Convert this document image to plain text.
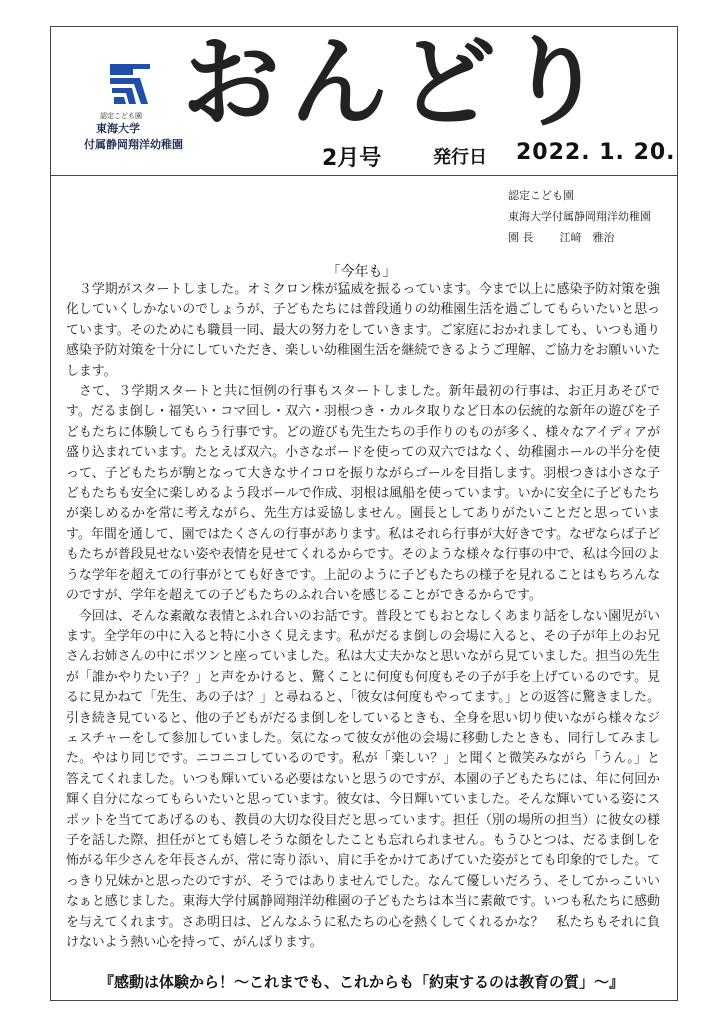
認定こども園
東海大学
付属静岡翔洋幼稚園
おんどり
2月号	発行日 2022. 1. 20.
認定こども園
東海大学付属静岡翔洋幼稚園
園 長 江﨑　雅治
「今年も」

３学期がスタートしました。オミクロン株が猛威を振るっています。今まで以上に感染予防対策を強化していくしかないのでしょうが、子どもたちには普段通りの幼稚園生活を過ごしてもらいたいと思っています。そのためにも職員一同、最大の努力をしていきます。ご家庭におかれましても、いつも通り感染予防対策を十分にしていただき、楽しい幼稚園生活を継続できるようご理解、ご協力をお願いいたします。

さて、３学期スタートと共に恒例の行事もスタートしました。新年最初の行事は、お正月あそびです。だるま倒し・福笑い・コマ回し・双六・羽根つき・カルタ取りなど日本の伝統的な新年の遊びを子どもたちに体験してもらう行事です。どの遊びも先生たちの手作りのものが多く、様々なアイディアが盛り込まれています。たとえば双六。小さなボードを使っての双六ではなく、幼稚園ホールの半分を使って、子どもたちが駒となって大きなサイコロを振りながらゴールを目指します。羽根つきは小さな子どもたちも安全に楽しめるよう段ボールで作成、羽根は風船を使っています。いかに安全に子どもたちが楽しめるかを常に考えながら、先生方は妥協しません。園長としてありがたいことだと思っています。年間を通して、園ではたくさんの行事があります。私はそれら行事が大好きです。なぜならば子どもたちが普段見せない姿や表情を見せてくれるからです。そのような様々な行事の中で、私は今回のような学年を超えての行事がとても好きです。上記のように子どもたちの様子を見れることはもちろんなのですが、学年を超えての子どもたちのふれ合いを感じることができるからです。

今回は、そんな素敵な表情とふれ合いのお話です。普段とてもおとなしくあまり話をしない園児がいます。全学年の中に入ると特に小さく見えます。私がだるま倒しの会場に入ると、その子が年上のお兄さんお姉さんの中にポツンと座っていました。私は大丈夫かなと思いながら見ていました。担当の先生が「誰かやりたい子？」と声をかけると、驚くことに何度も何度もその子が手を上げているのです。見るに見かねて「先生、あの子は？」と尋ねると、「彼女は何度もやってます。」との返答に驚きました。引き続き見ていると、他の子どもがだるま倒しをしているときも、全身を思い切り使いながら様々なジェスチャーをして参加していました。気になって彼女が他の会場に移動したときも、同行してみました。やはり同じです。ニコニコしているのです。私が「楽しい？」と聞くと微笑みながら「うん。」と答えてくれました。いつも輝いている必要はないと思うのですが、本園の子どもたちには、年に何回か輝く自分になってもらいたいと思っています。彼女は、今日輝いていました。そんな輝いている姿にスポットを当ててあげるのも、教員の大切な役目だと思っています。担任（別の場所の担当）に彼女の様子を話した際、担任がとても嬉しそうな顔をしたことも忘れられません。もうひとつは、だるま倒しを怖がる年少さんを年長さんが、常に寄り添い、肩に手をかけてあげていた姿がとても印象的でした。てっきり兄妹かと思ったのですが、そうではありませんでした。なんて優しいだろう、そしてかっこいいなぁと感じました。東海大学付属静岡翔洋幼稚園の子どもたちは本当に素敵です。いつも私たちに感動を与えてくれます。さあ明日は、どんなふうに私たちの心を熱くしてくれるかな？　私たちもそれに負けないよう熱い心を持って、がんばります。

『感動は体験から！～これまでも、これからも「約束するのは教育の質」～』
